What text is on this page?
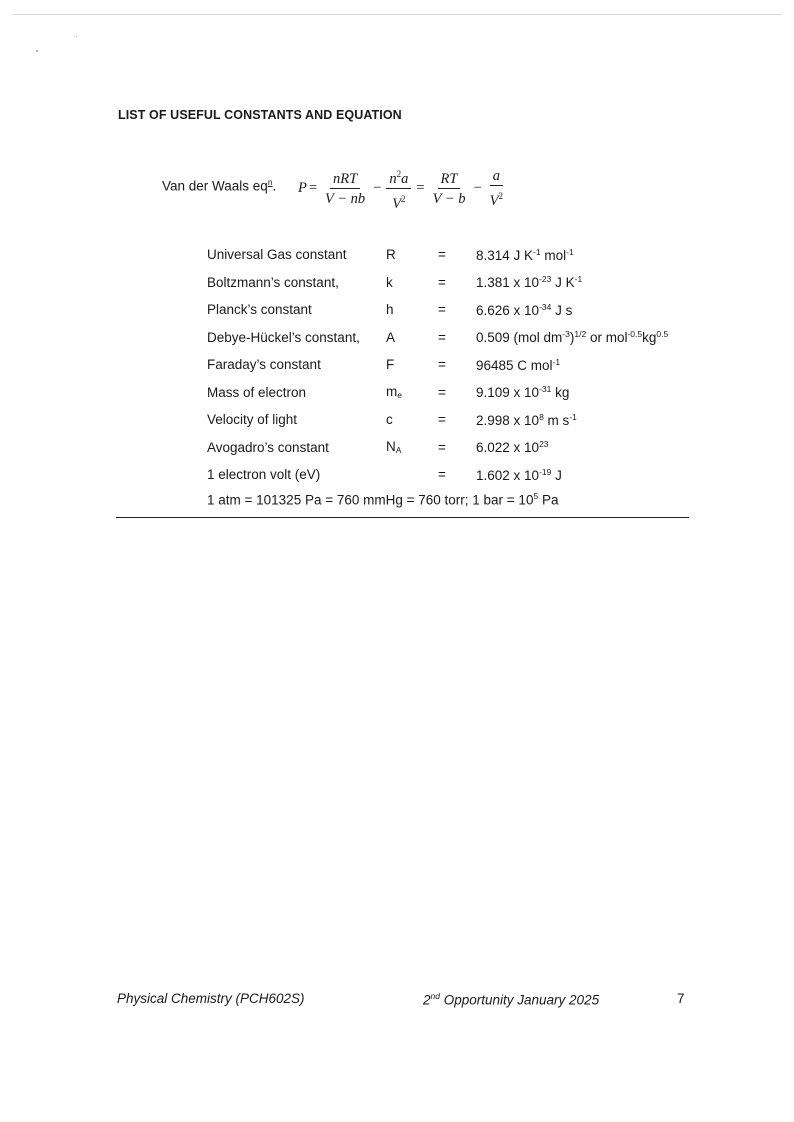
LIST OF USEFUL CONSTANTS AND EQUATION
Van der Waals $eq^n$. $P = \frac{\text{nRT}}{V - nb} - \frac{n^2a}{V^2} = \frac{RT}{V - b} - \frac{a}{V^2}$
Universal Gas constant	R	=	8.314 J $K^{-1}$ mol$^{-1}$
Boltzmann’s constant,	k	=	1.381 x $10^{-23}$ J $K^{-1}$
Planck’s constant	h	=	6.626 x $10^{-34}$ J s
Debye-Hückel’s constant,	A	=	0.509 (mol $dm^{-3})^{1/2}$ or $mol^{-0.5}kg^{0.5}$
Faraday’s constant	F	=	96485 C mol$^{-1}$
Mass of electron	$m_e$	=	9.109 x $10^{-31}$ kg
Velocity of light	c	=	2.998 x $10^8$ m $s^{-1}$
Avogadro’s constant	$N_A$	=	6.022 x $10^{23}$
1 electron volt (eV)		=	1.602 x $10^{-19}$ J
1 atm = 101325 Pa = 760 mmHg = 760 torr; 1 bar = $10^5$ Pa
Physical Chemistry (PCH602S)	2nd Opportunity January 2025	7
